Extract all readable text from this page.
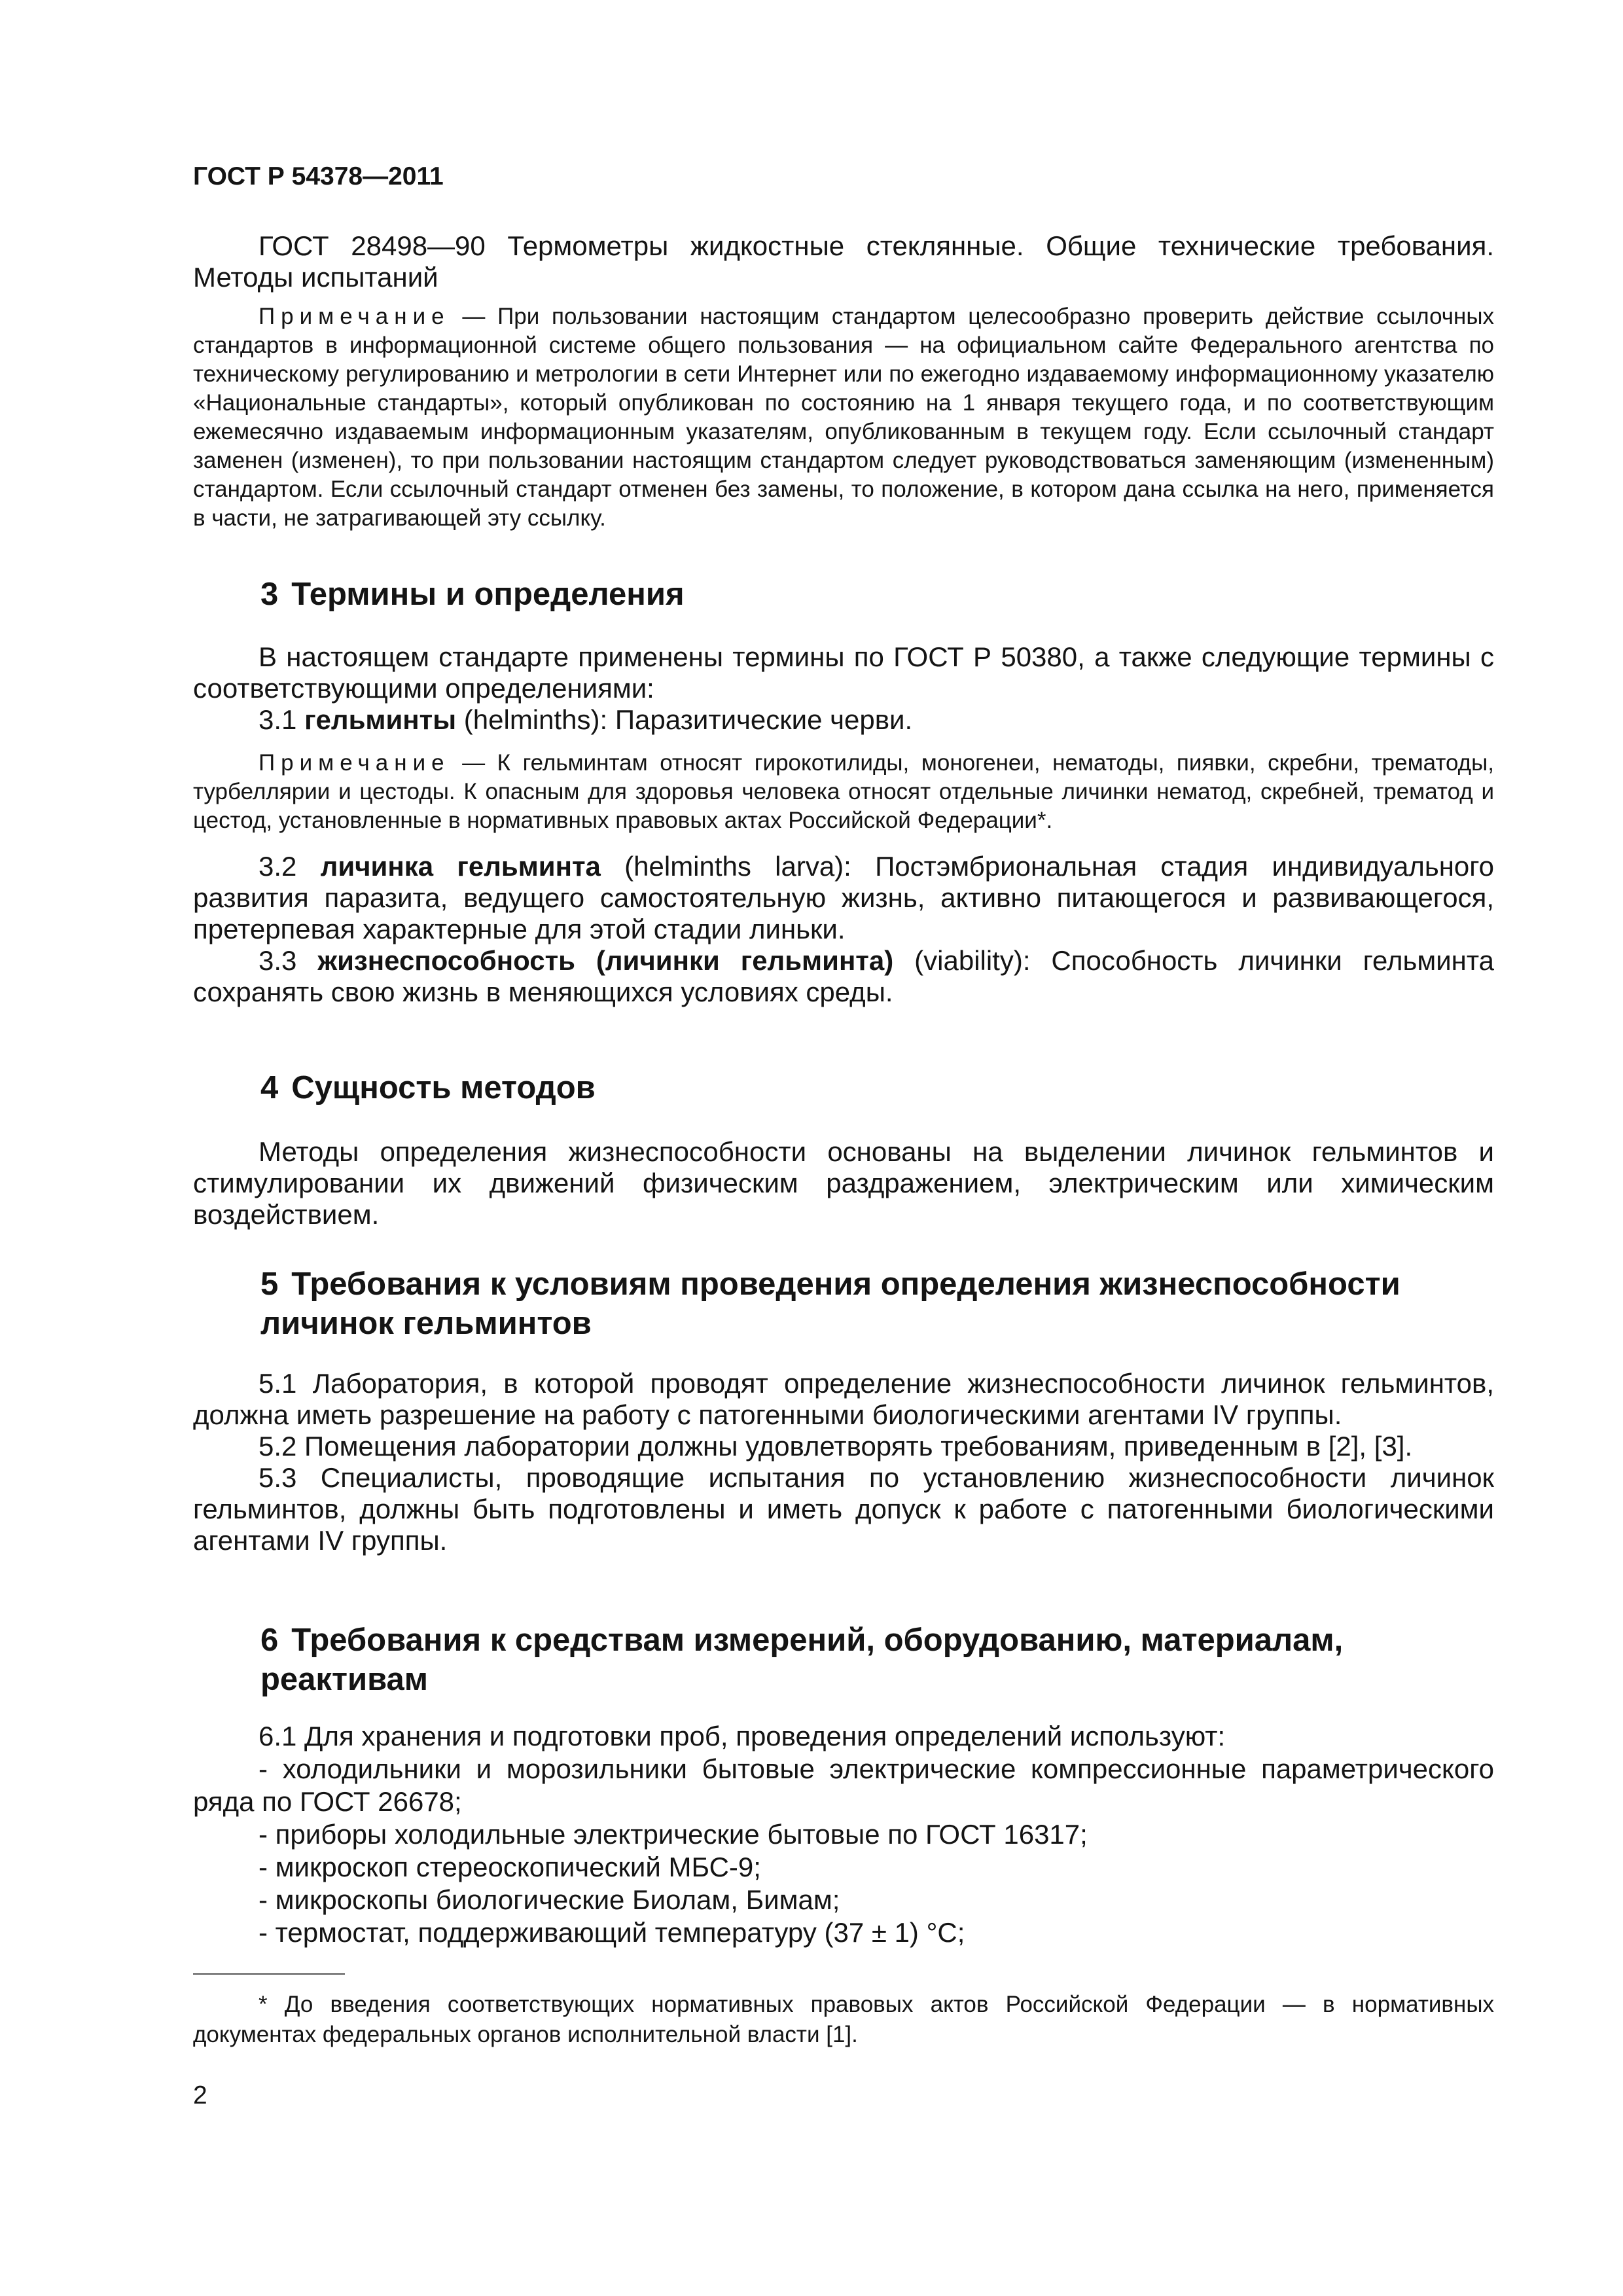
ГОСТ Р 54378—2011

ГОСТ 28498—90 Термометры жидкостные стеклянные. Общие технические требования. Методы испытаний

Примечание — При пользовании настоящим стандартом целесообразно проверить действие ссылочных стандартов в информационной системе общего пользования — на официальном сайте Федерального агентства по техническому регулированию и метрологии в сети Интернет или по ежегодно издаваемому информационному указателю «Национальные стандарты», который опубликован по состоянию на 1 января текущего года, и по соответствующим ежемесячно издаваемым информационным указателям, опубликованным в текущем году. Если ссылочный стандарт заменен (изменен), то при пользовании настоящим стандартом следует руководствоваться заменяющим (измененным) стандартом. Если ссылочный стандарт отменен без замены, то положение, в котором дана ссылка на него, применяется в части, не затрагивающей эту ссылку.

3 Термины и определения

В настоящем стандарте применены термины по ГОСТ Р 50380, а также следующие термины с соответствующими определениями:

3.1 гельминты (helminths): Паразитические черви.

Примечание — К гельминтам относят гирокотилиды, моногенеи, нематоды, пиявки, скребни, трематоды, турбеллярии и цестоды. К опасным для здоровья человека относят отдельные личинки нематод, скребней, трематод и цестод, установленные в нормативных правовых актах Российской Федерации*.

3.2 личинка гельминта (helminths larva): Постэмбриональная стадия индивидуального развития паразита, ведущего самостоятельную жизнь, активно питающегося и развивающегося, претерпевая характерные для этой стадии линьки.

3.3 жизнеспособность (личинки гельминта) (viability): Способность личинки гельминта сохранять свою жизнь в меняющихся условиях среды.

4 Сущность методов

Методы определения жизнеспособности основаны на выделении личинок гельминтов и стимулировании их движений физическим раздражением, электрическим или химическим воздействием.

5 Требования к условиям проведения определения жизнеспособности личинок гельминтов

5.1 Лаборатория, в которой проводят определение жизнеспособности личинок гельминтов, должна иметь разрешение на работу с патогенными биологическими агентами IV группы.

5.2 Помещения лаборатории должны удовлетворять требованиям, приведенным в [2], [3].

5.3 Специалисты, проводящие испытания по установлению жизнеспособности личинок гельминтов, должны быть подготовлены и иметь допуск к работе с патогенными биологическими агентами IV группы.

6 Требования к средствам измерений, оборудованию, материалам, реактивам

6.1 Для хранения и подготовки проб, проведения определений используют:

- холодильники и морозильники бытовые электрические компрессионные параметрического ряда по ГОСТ 26678;

- приборы холодильные электрические бытовые по ГОСТ 16317;

- микроскоп стереоскопический МБС-9;

- микроскопы биологические Биолам, Бимам;

- термостат, поддерживающий температуру (37 ± 1) °С;

* До введения соответствующих нормативных правовых актов Российской Федерации — в нормативных документах федеральных органов исполнительной власти [1].

2
